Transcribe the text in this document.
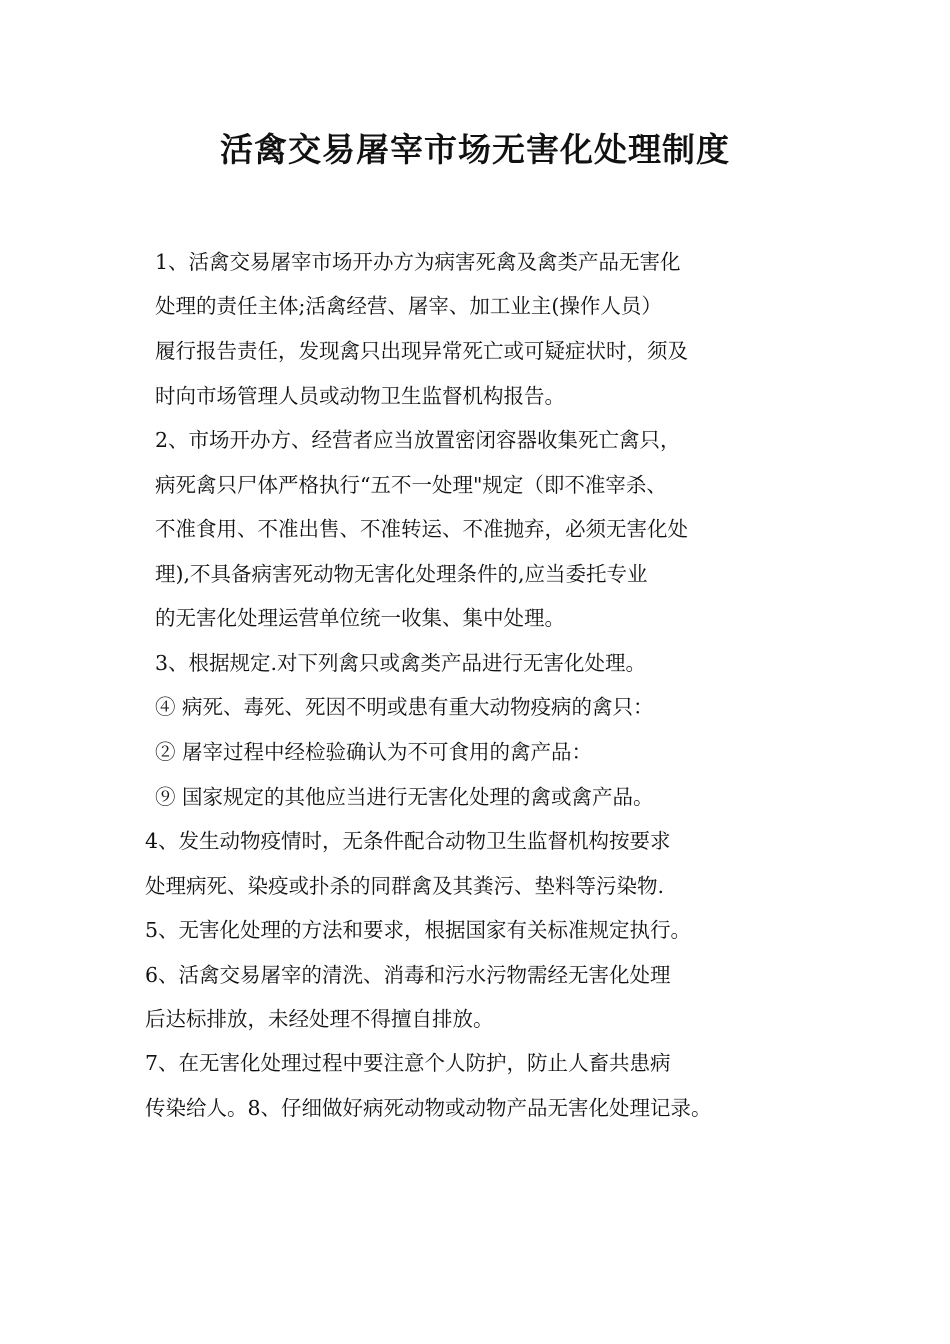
活禽交易屠宰市场无害化处理制度
1、活禽交易屠宰市场开办方为病害死禽及禽类产品无害化
处理的责任主体;活禽经营、屠宰、加工业主(操作人员）
履行报告责任，发现禽只出现异常死亡或可疑症状时，须及
时向市场管理人员或动物卫生监督机构报告。
2、市场开办方、经营者应当放置密闭容器收集死亡禽只，
病死禽只尸体严格执行“五不一处理"规定（即不准宰杀、
不准食用、不准出售、不准转运、不准抛弃，必须无害化处
理),不具备病害死动物无害化处理条件的,应当委托专业
的无害化处理运营单位统一收集、集中处理。
3、根据规定.对下列禽只或禽类产品进行无害化处理。
④ 病死、毒死、死因不明或患有重大动物疫病的禽只：
② 屠宰过程中经检验确认为不可食用的禽产品：
⑨ 国家规定的其他应当进行无害化处理的禽或禽产品。
4、发生动物疫情时，无条件配合动物卫生监督机构按要求
处理病死、染疫或扑杀的同群禽及其粪污、垫料等污染物.
5、无害化处理的方法和要求，根据国家有关标准规定执行。
6、活禽交易屠宰的清洗、消毒和污水污物需经无害化处理
后达标排放，未经处理不得擅自排放。
7、在无害化处理过程中要注意个人防护，防止人畜共患病
传染给人。8、仔细做好病死动物或动物产品无害化处理记录。
